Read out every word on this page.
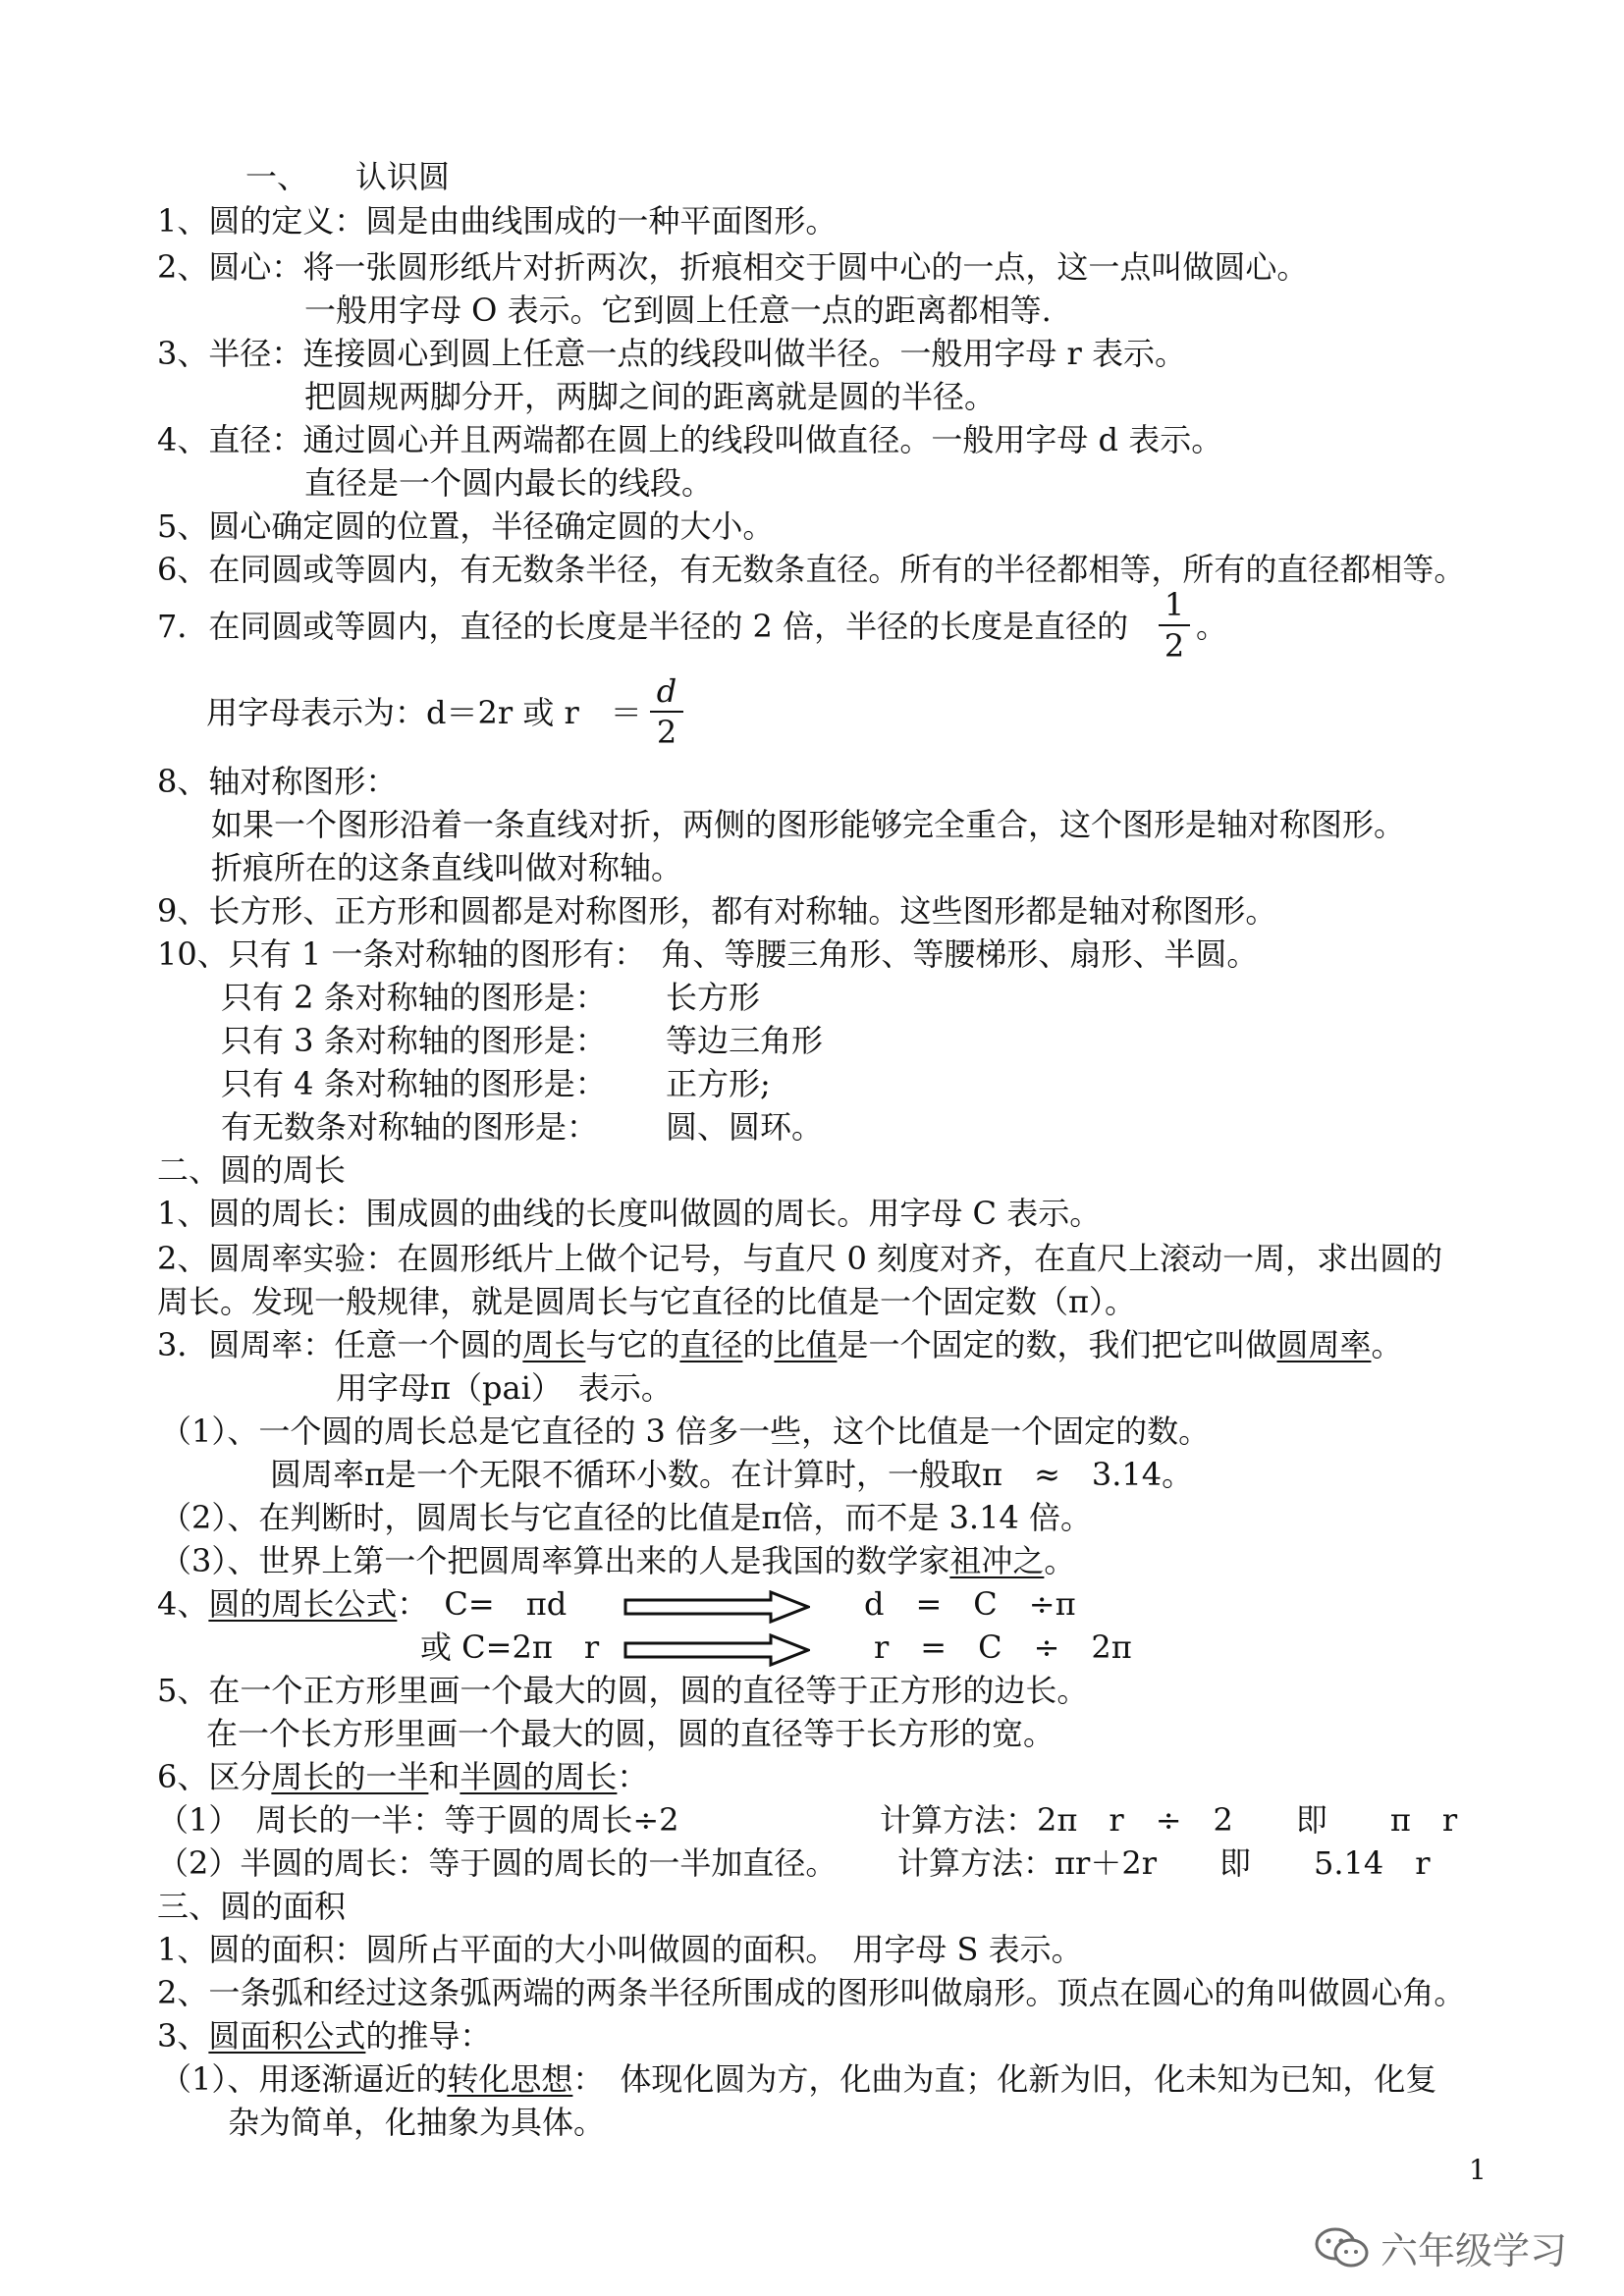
一、　　认识圆
1、圆的定义：圆是由曲线围成的一种平面图形。
2、圆心：将一张圆形纸片对折两次，折痕相交于圆中心的一点，这一点叫做圆心。
一般用字母 O 表示。它到圆上任意一点的距离都相等.
3、半径：连接圆心到圆上任意一点的线段叫做半径。一般用字母 r 表示。
把圆规两脚分开，两脚之间的距离就是圆的半径。
4、直径：通过圆心并且两端都在圆上的线段叫做直径。一般用字母 d 表示。
直径是一个圆内最长的线段。
5、圆心确定圆的位置，半径确定圆的大小。
6、在同圆或等圆内，有无数条半径，有无数条直径。所有的半径都相等，所有的直径都相等。
7．在同圆或等圆内，直径的长度是半径的 2 倍，半径的长度是直径的
1
2
。
用字母表示为：d＝2r 或 r　＝
d
2
8、轴对称图形：
如果一个图形沿着一条直线对折，两侧的图形能够完全重合，这个图形是轴对称图形。
折痕所在的这条直线叫做对称轴。
9、长方形、正方形和圆都是对称图形，都有对称轴。这些图形都是轴对称图形。
10、只有 1 一条对称轴的图形有：　角、等腰三角形、等腰梯形、扇形、半圆。
只有 2 条对称轴的图形是： 长方形
只有 3 条对称轴的图形是： 等边三角形
只有 4 条对称轴的图形是： 正方形;
有无数条对称轴的图形是： 圆、圆环。
二、圆的周长
1、圆的周长：围成圆的曲线的长度叫做圆的周长。用字母 C 表示。
2、圆周率实验：在圆形纸片上做个记号，与直尺 0 刻度对齐，在直尺上滚动一周，求出圆的
周长。发现一般规律，就是圆周长与它直径的比值是一个固定数（π）。
3．圆周率：任意一个圆的周长与它的直径的比值是一个固定的数，我们把它叫做圆周率。
用字母π（pai）　表示。
（1）、一个圆的周长总是它直径的 3 倍多一些，这个比值是一个固定的数。
圆周率π是一个无限不循环小数。在计算时，一般取π　≈　3.14。
（2）、在判断时，圆周长与它直径的比值是π倍，而不是 3.14 倍。
（3）、世界上第一个把圆周率算出来的人是我国的数学家祖冲之。
4、圆的周长公式：　C=　πd	d　=　C　÷π
或 C=2π　r	r　=　C　÷　2π
5、在一个正方形里画一个最大的圆，圆的直径等于正方形的边长。
在一个长方形里画一个最大的圆，圆的直径等于长方形的宽。
6、区分周长的一半和半圆的周长：
（1）　周长的一半：等于圆的周长÷2	计算方法：2π　r　÷　2　　即　　π　r
（2）半圆的周长：等于圆的周长的一半加直径。 计算方法：πr＋2r　　即　　5.14　r
三、圆的面积
1、圆的面积：圆所占平面的大小叫做圆的面积。　用字母 S 表示。
2、一条弧和经过这条弧两端的两条半径所围成的图形叫做扇形。顶点在圆心的角叫做圆心角。
3、圆面积公式的推导：
（1）、用逐渐逼近的转化思想：　体现化圆为方，化曲为直；化新为旧，化未知为已知，化复
杂为简单，化抽象为具体。
1
六年级学习
